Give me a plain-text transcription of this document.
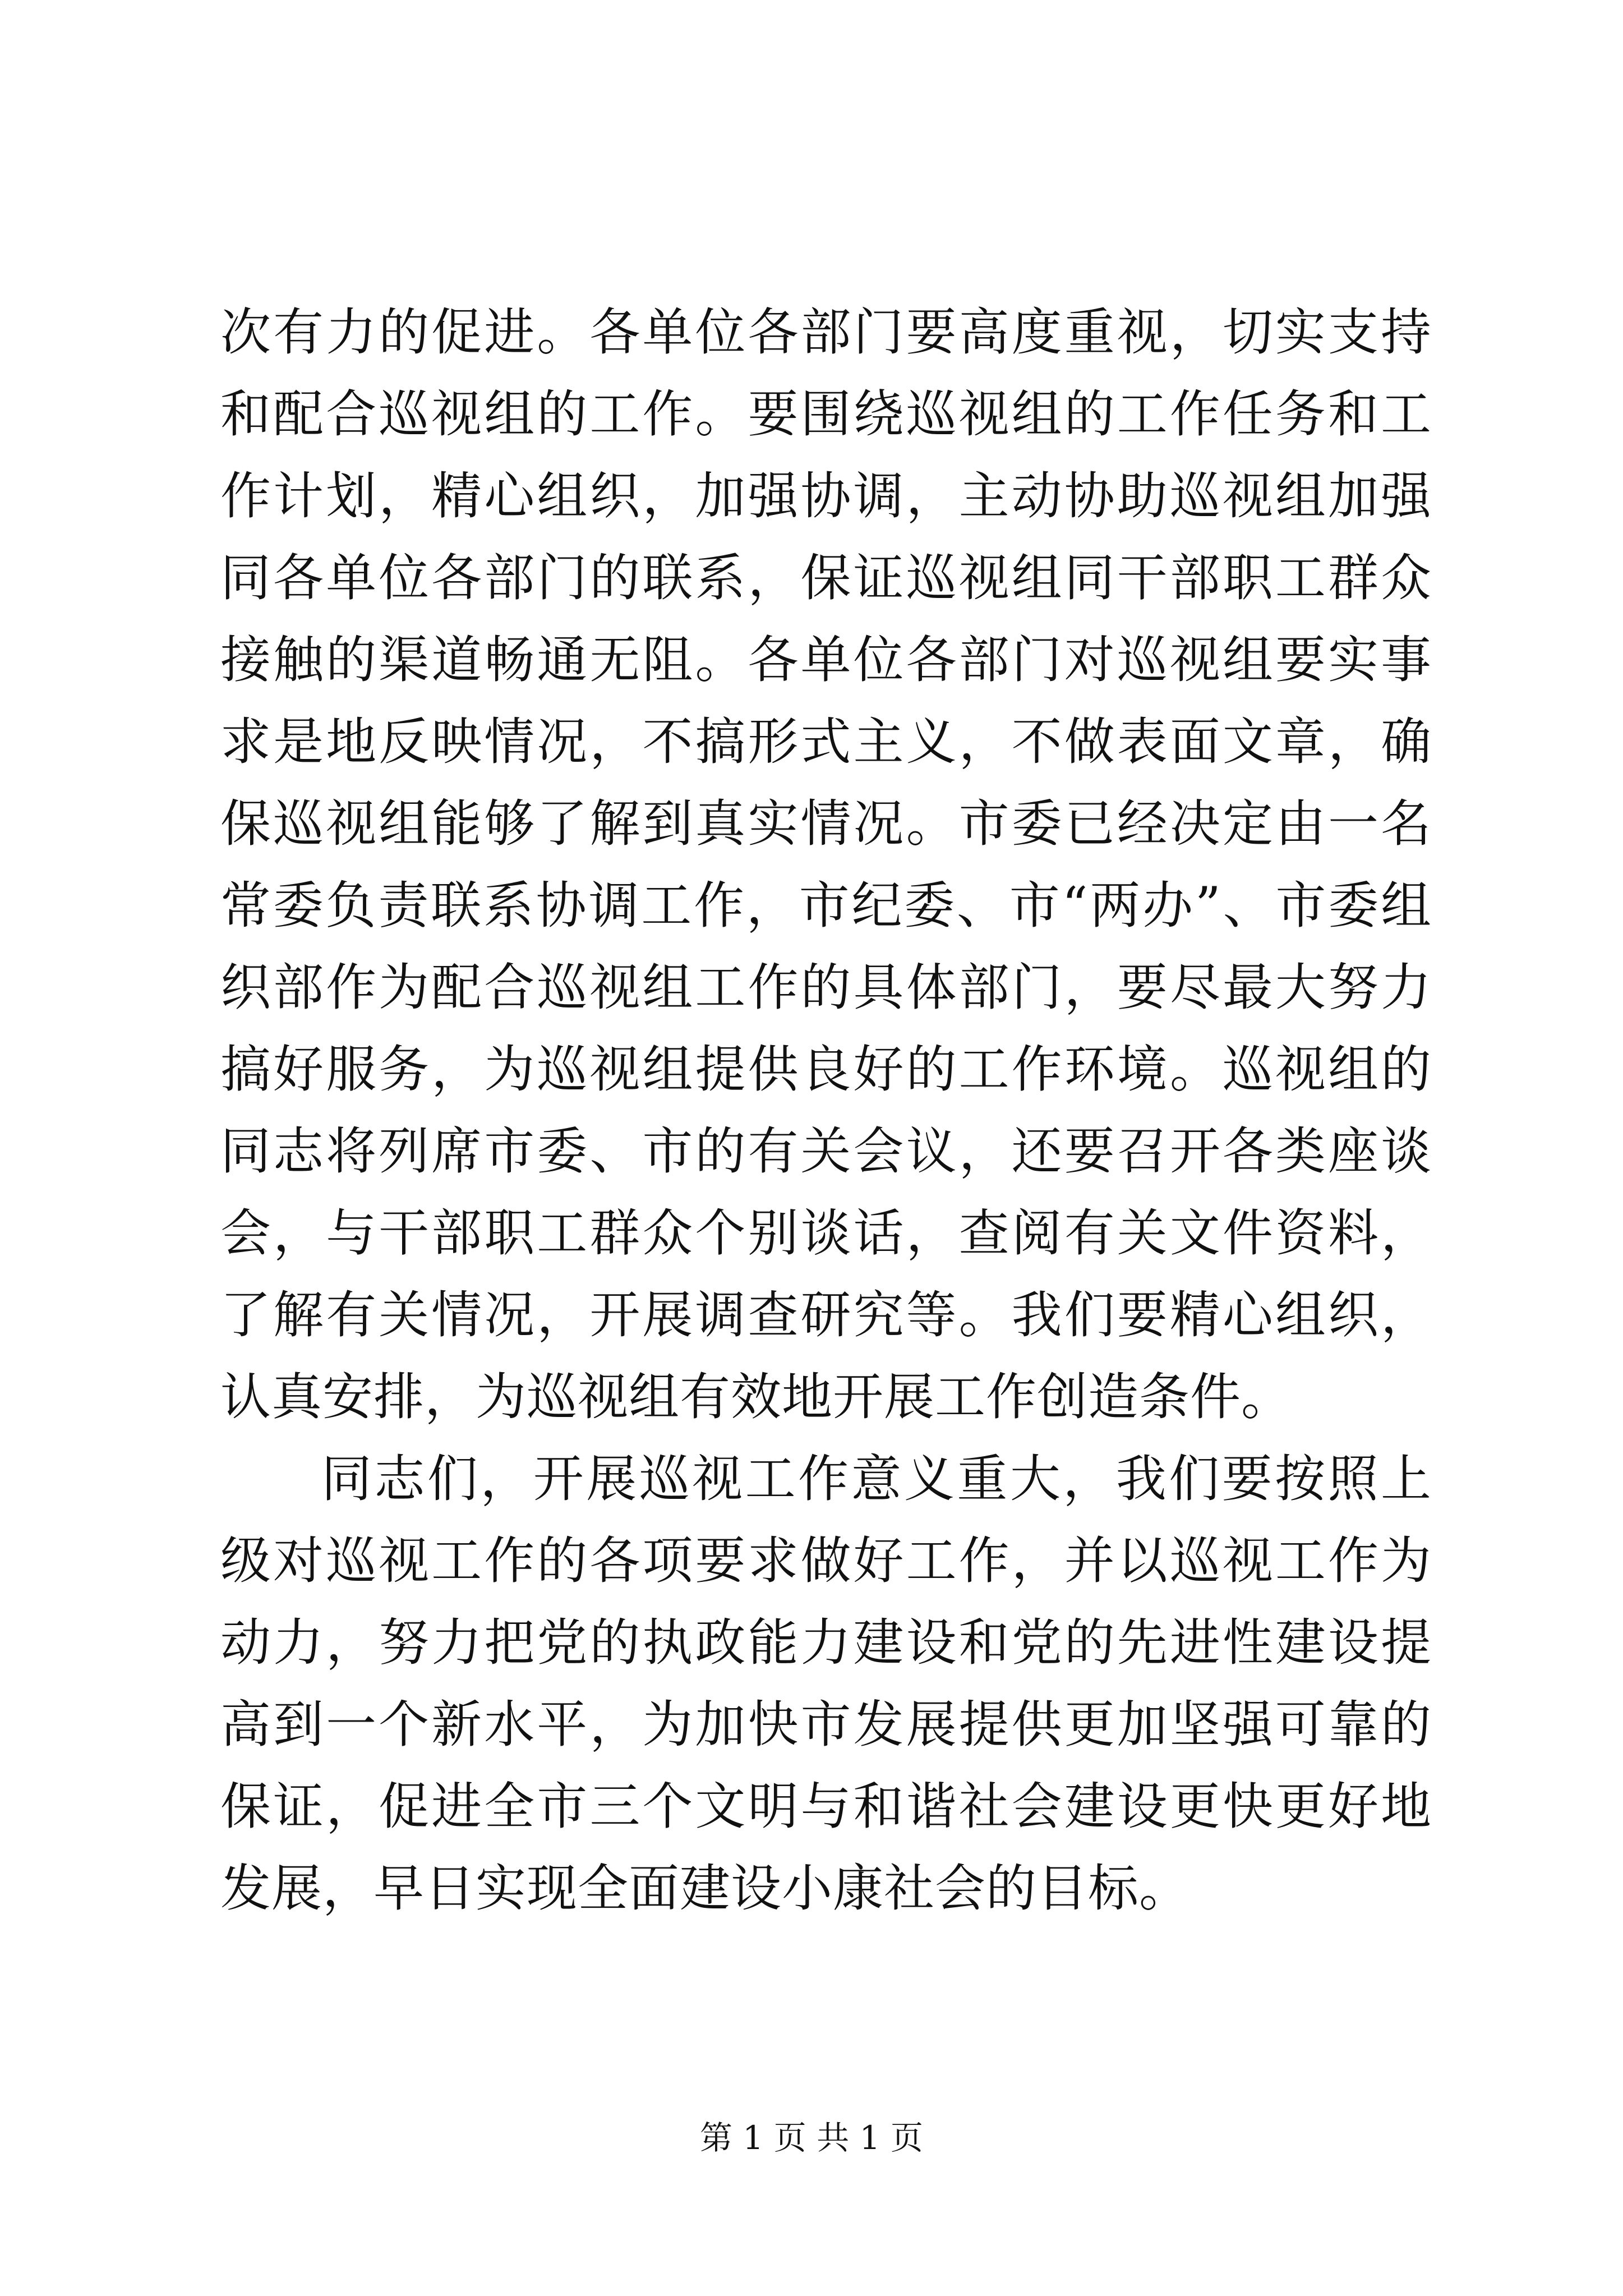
次有力的促进。各单位各部门要高度重视，切实支持和配合巡视组的工作。要围绕巡视组的工作任务和工作计划，精心组织，加强协调，主动协助巡视组加强同各单位各部门的联系，保证巡视组同干部职工群众接触的渠道畅通无阻。各单位各部门对巡视组要实事求是地反映情况，不搞形式主义，不做表面文章，确保巡视组能够了解到真实情况。市委已经决定由一名常委负责联系协调工作，市纪委、市“两办”、市委组织部作为配合巡视组工作的具体部门，要尽最大努力搞好服务，为巡视组提供良好的工作环境。巡视组的同志将列席市委、市的有关会议，还要召开各类座谈会，与干部职工群众个别谈话，查阅有关文件资料，了解有关情况，开展调查研究等。我们要精心组织，认真安排，为巡视组有效地开展工作创造条件。

同志们，开展巡视工作意义重大，我们要按照上级对巡视工作的各项要求做好工作，并以巡视工作为动力，努力把党的执政能力建设和党的先进性建设提高到一个新水平，为加快市发展提供更加坚强可靠的保证，促进全市三个文明与和谐社会建设更快更好地发展，早日实现全面建设小康社会的目标。

第 1 页 共 1 页
